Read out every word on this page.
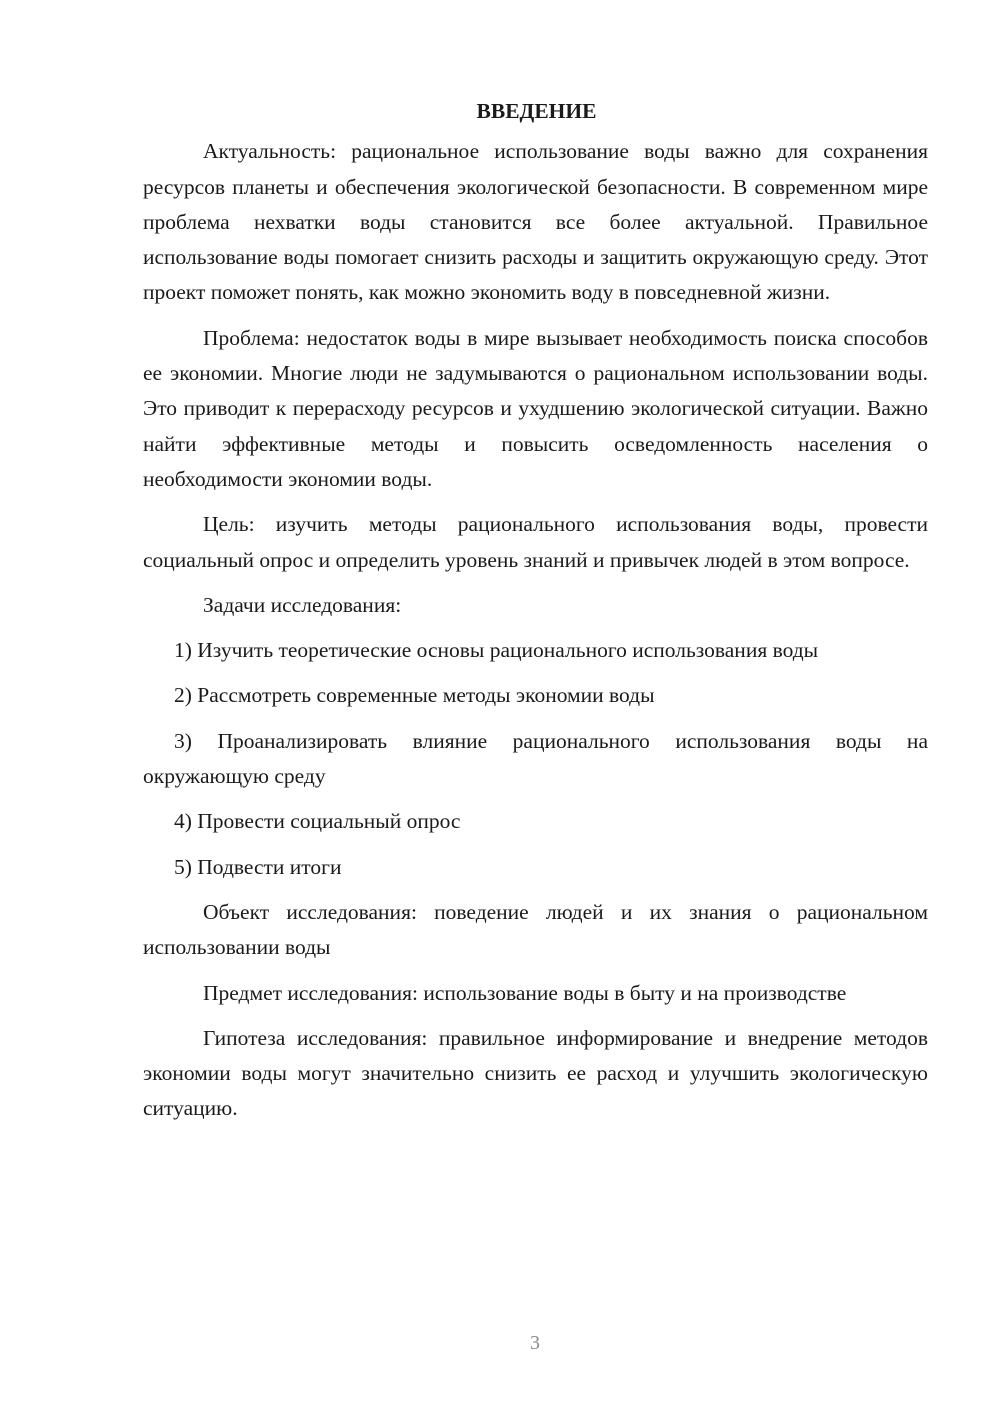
ВВЕДЕНИЕ

Актуальность: рациональное использование воды важно для сохранения ресурсов планеты и обеспечения экологической безопасности. В современном мире проблема нехватки воды становится все более актуальной. Правильное использование воды помогает снизить расходы и защитить окружающую среду. Этот проект поможет понять, как можно экономить воду в повседневной жизни.

Проблема: недостаток воды в мире вызывает необходимость поиска способов ее экономии. Многие люди не задумываются о рациональном использовании воды. Это приводит к перерасходу ресурсов и ухудшению экологической ситуации. Важно найти эффективные методы и повысить осведомленность населения о необходимости экономии воды.

Цель: изучить методы рационального использования воды, провести социальный опрос и определить уровень знаний и привычек людей в этом вопросе.

Задачи исследования:

1) Изучить теоретические основы рационального использования воды

2) Рассмотреть современные методы экономии воды

3) Проанализировать влияние рационального использования воды на окружающую среду

4) Провести социальный опрос

5) Подвести итоги

Объект исследования: поведение людей и их знания о рациональном использовании воды

Предмет исследования: использование воды в быту и на производстве

Гипотеза исследования: правильное информирование и внедрение методов экономии воды могут значительно снизить ее расход и улучшить экологическую ситуацию.

3
